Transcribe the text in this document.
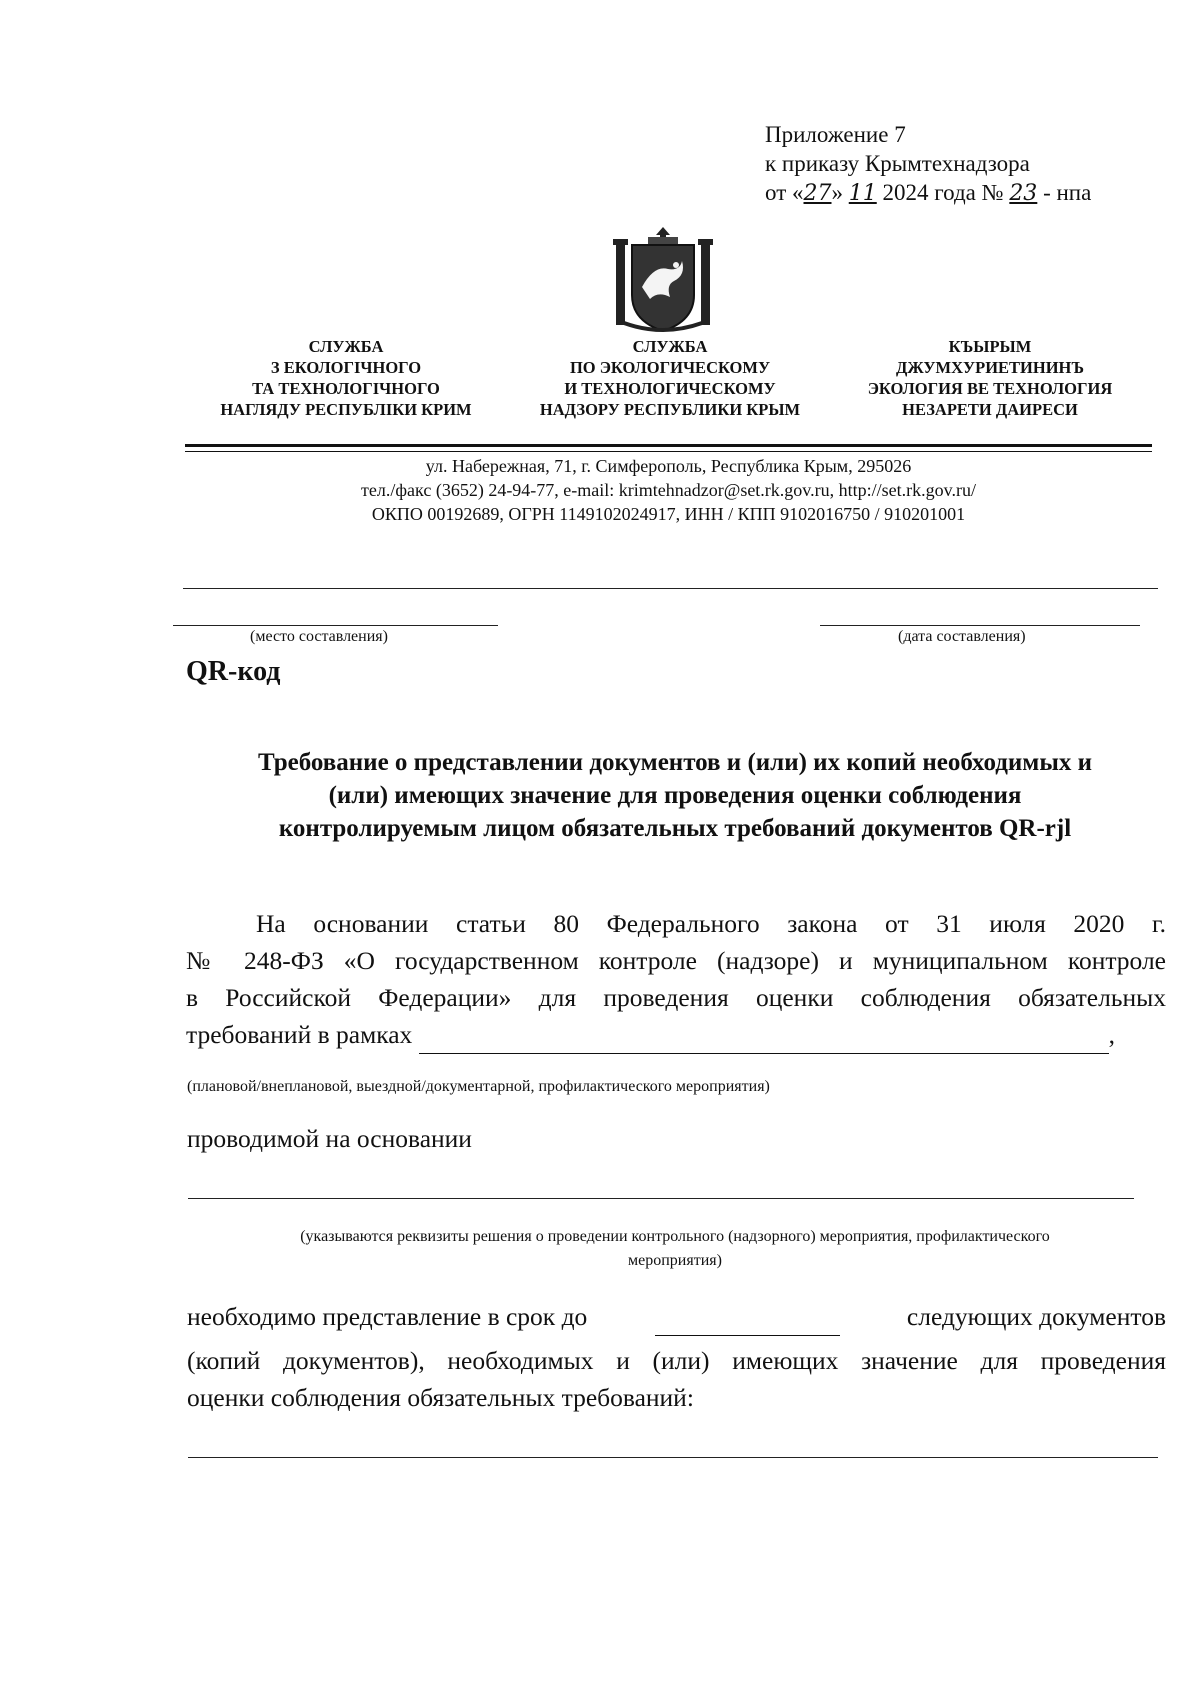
Приложение 7
к приказу Крымтехнадзора
от «27» 11 2024 года № 23 - нпа
СЛУЖБА
З ЕКОЛОГІЧНОГО
ТА ТЕХНОЛОГІЧНОГО
НАГЛЯДУ РЕСПУБЛІКИ КРИМ
СЛУЖБА
ПО ЭКОЛОГИЧЕСКОМУ
И ТЕХНОЛОГИЧЕСКОМУ
НАДЗОРУ РЕСПУБЛИКИ КРЫМ
КЪЫРЫМ
ДЖУМХУРИЕТИНИНЪ
ЭКОЛОГИЯ ВЕ ТЕХНОЛОГИЯ
НЕЗАРЕТИ ДАИРЕСИ
ул. Набережная, 71, г. Симферополь, Республика Крым, 295026
тел./факс (3652) 24-94-77, e-mail: krimtehnadzor@set.rk.gov.ru, http://set.rk.gov.ru/
ОКПО 00192689, ОГРН 1149102024917, ИНН / КПП 9102016750 / 910201001
(место составления)	(дата составления)
QR-код
Требование о представлении документов и (или) их копий необходимых и
(или) имеющих значение для проведения оценки соблюдения
контролируемым лицом обязательных требований документов QR-rjl
На основании статьи 80 Федерального закона от 31 июля 2020 г.
№ 248-ФЗ «О государственном контроле (надзоре) и муниципальном контроле
в Российской Федерации» для проведения оценки соблюдения обязательных
требований в рамках	,
(плановой/внеплановой, выездной/документарной, профилактического мероприятия)
проводимой на основании
(указываются реквизиты решения о проведении контрольного (надзорного) мероприятия, профилактического
мероприятия)
необходимо представление в срок до
	следующих документов
(копий документов), необходимых и (или) имеющих значение для проведения
оценки соблюдения обязательных требований:
